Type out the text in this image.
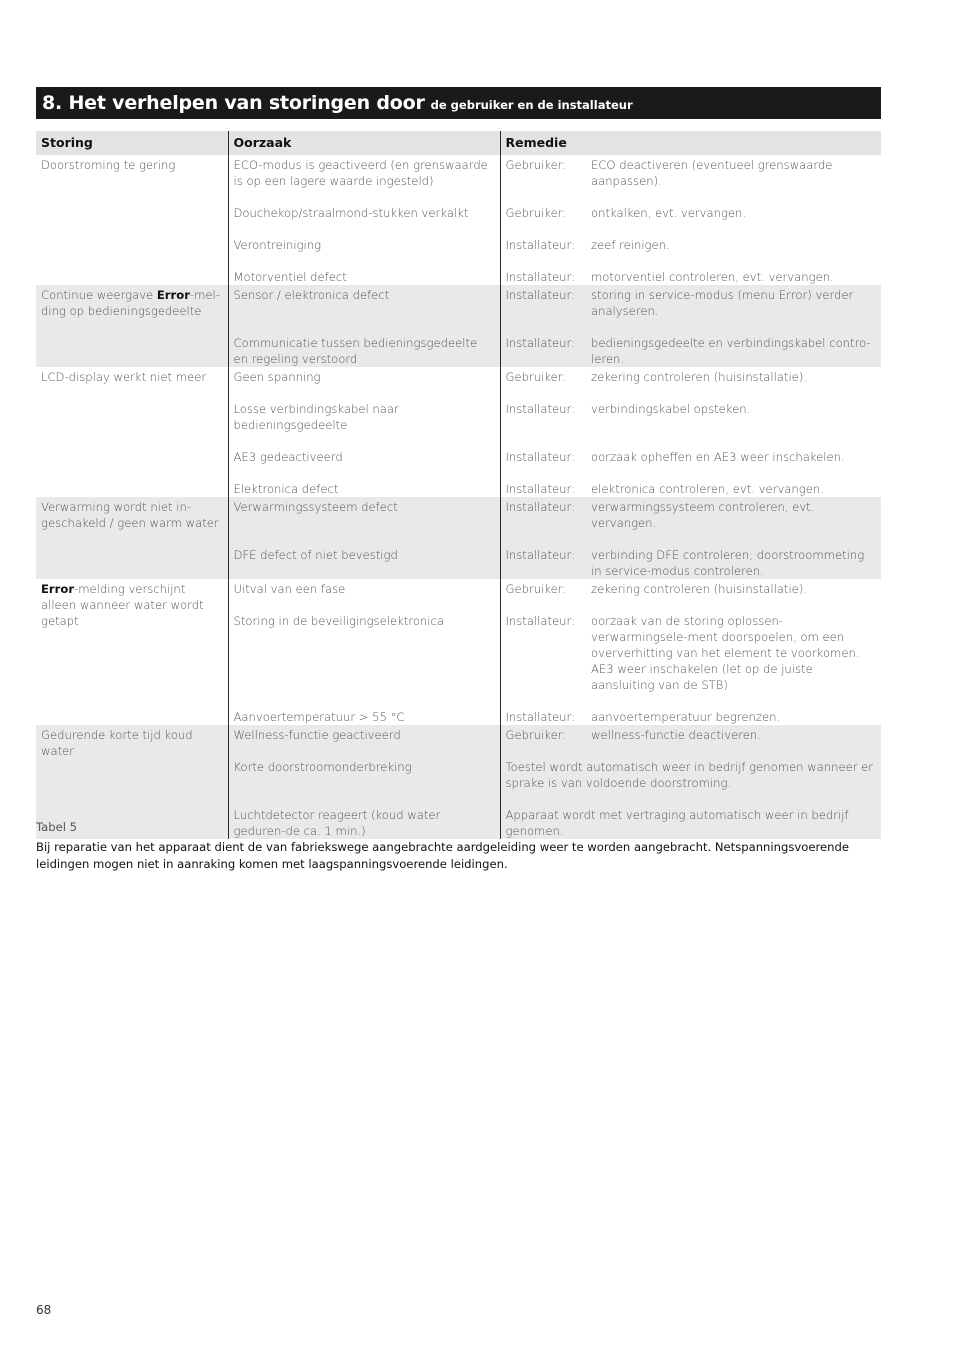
8. Het verhelpen van storingen door de gebruiker en de installateur
Storing	Oorzaak	Remedie	
Doorstroming te gering	ECO-modus is geactiveerd (en grenswaarde is op een lagere waarde ingesteld)	Gebruiker:	ECO deactiveren (eventueel grenswaarde aanpassen).
	Douchekop/straalmond-stukken verkalkt	Gebruiker:	ontkalken, evt. vervangen.
	Verontreiniging	Installateur:	zeef reinigen.
	Motorventiel defect	Installateur:	motorventiel controleren, evt. vervangen.
Continue weergave Error-mel-ding op bedieningsgedeelte	Sensor / elektronica defect	Installateur:	storing in service-modus (menu Error) verder analyseren.
	Communicatie tussen bedieningsgedeelte en regeling verstoord	Installateur:	bedieningsgedeelte en verbindingskabel contro-leren.
LCD-display werkt niet meer	Geen spanning	Gebruiker:	zekering controleren (huisinstallatie).
	Losse verbindingskabel naar bedieningsgedeelte	Installateur:	verbindingskabel opsteken.
	AE3 gedeactiveerd	Installateur:	oorzaak opheffen en AE3 weer inschakelen.
	Elektronica defect	Installateur:	elektronica controleren, evt. vervangen.
Verwarming wordt niet in-geschakeld / geen warm water	Verwarmingssysteem defect	Installateur:	verwarmingssysteem controleren, evt. vervangen.
	DFE defect of niet bevestigd	Installateur:	verbinding DFE controleren; doorstroommeting in service-modus controleren.
Error-melding verschijnt alleen wanneer water wordt getapt	Uitval van een fase	Gebruiker:	zekering controleren (huisinstallatie).
	Storing in de beveiligingselektronica	Installateur:	oorzaak van de storing oplossen- verwarmingsele-ment doorspoelen, om een oververhitting van het element te voorkomen. AE3 weer inschakelen (let op de juiste aansluiting van de STB)
	Aanvoertemperatuur > 55 °C	Installateur:	aanvoertemperatuur begrenzen.
Gedurende korte tijd koud water	Wellness-functie geactiveerd	Gebruiker:	wellness-functie deactiveren.
	Korte doorstroomonderbreking	Toestel wordt automatisch weer in bedrijf genomen wanneer er sprake is van voldoende doorstroming.	
	Luchtdetector reageert (koud water geduren-de ca. 1 min.)	Apparaat wordt met vertraging automatisch weer in bedrijf genomen.	
Tabel 5
Bij reparatie van het apparaat dient de van fabriekswege aangebrachte aardgeleiding weer te worden aangebracht. Netspanningsvoerende leidingen mogen niet in aanraking komen met laagspanningsvoerende leidingen.
68
